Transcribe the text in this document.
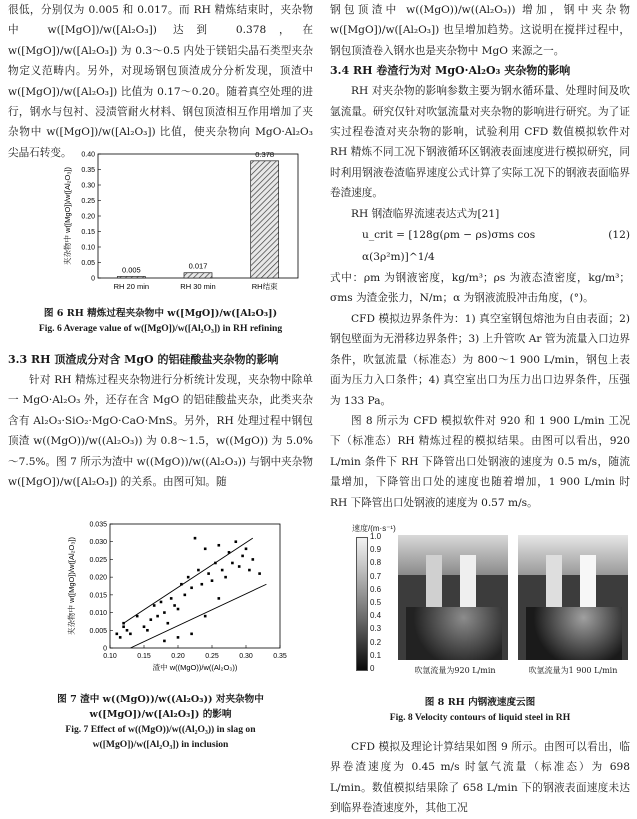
很低，分别仅为 0.005 和 0.017。而 RH 精炼结束时，夹杂物中 w([MgO])/w([Al₂O₃]) 达到 0.378，在 w([MgO])/w([Al₂O₃]) 为 0.3～0.5 内处于镁铝尖晶石类型夹杂物定义范畴内。另外，对现场钢包顶渣成分分析发现，顶渣中 w([MgO])/w([Al₂O₃]) 比值为 0.17～0.20。随着真空处理的进行，钢水与包衬、浸渍管耐火材料、钢包顶渣相互作用增加了夹杂物中 w([MgO])/w([Al₂O₃]) 比值，使夹杂物向 MgO·Al₂O₃ 尖晶石转变。

0
0.05
0.10
0.15
0.20
0.25
0.30
0.35
0.40
夹杂物中 w([MgO])/w([Al₂O₃])
0.005
RH 20 min
0.017
RH 30 min
0.378
RH结束

图 6 RH 精炼过程夹杂物中 w([MgO])/w([Al₂O₃])

Fig. 6 Average value of w([MgO])/w([Al₂O₃]) in RH refining

3.3 RH 顶渣成分对含 MgO 的铝硅酸盐夹杂物的影响

针对 RH 精炼过程夹杂物进行分析统计发现，夹杂物中除单一 MgO·Al₂O₃ 外，还存在含 MgO 的铝硅酸盐夹杂，此类夹杂含有 Al₂O₃·SiO₂·MgO·CaO·MnS。另外，RH 处理过程中钢包顶渣 w((MgO))/w((Al₂O₃)) 为 0.8～1.5，w((MgO)) 为 5.0%～7.5%。图 7 所示为渣中 w((MgO))/w((Al₂O₃)) 与钢中夹杂物 w([MgO])/w([Al₂O₃]) 的关系。由图可知。随

0
0.005
0.010
0.015
0.020
0.025
0.030
0.035
0.10	0.15	0.20	0.25	0.30	0.35
渣中 w((MgO))/w((Al₂O₃))
夹杂物中 w([MgO])/w([Al₂O₃])

图 7 渣中 w((MgO))/w((Al₂O₃)) 对夹杂物中

w([MgO])/w([Al₂O₃]) 的影响

Fig. 7 Effect of w((MgO))/w((Al₂O₃)) in slag on

w([MgO])/w([Al₂O₃]) in inclusion

钢包顶渣中 w((MgO))/w((Al₂O₃)) 增加，钢中夹杂物 w([MgO])/w([Al₂O₃]) 也呈增加趋势。这说明在搅拌过程中，钢包顶渣卷入钢水也是夹杂物中 MgO 来源之一。

3.4 RH 卷渣行为对 MgO·Al₂O₃ 夹杂物的影响

RH 对夹杂物的影响参数主要为钢水循环量、处理时间及吹氩流量。研究仅针对吹氩流量对夹杂物的影响进行研究。为了证实过程卷渣对夹杂物的影响，试验利用 CFD 数值模拟软件对 RH 精炼不同工况下钢液循环区钢液表面速度进行模拟研究，同时利用钢液卷渣临界速度公式计算了实际工况下的钢液表面临界卷渣速度。

RH 钢渣临界流速表达式为[21]

u_crit = [128g(ρm − ρs)σms cos α(3ρ²m)]^1/4
(12)

式中：ρm 为钢液密度，kg/m³；ρs 为液态渣密度，kg/m³；σms 为渣金张力，N/m；α 为钢液流股冲击角度，(°)。

CFD 模拟边界条件为：1) 真空室钢包熔池为自由表面；2) 钢包壁面为无滑移边界条件；3) 上升管吹 Ar 管为流量入口边界条件，吹氩流量（标准态）为 800～1 900 L/min，钢包上表面为压力入口条件；4) 真空室出口为压力出口边界条件，压强为 133 Pa。

图 8 所示为 CFD 模拟软件对 920 和 1 900 L/min 工况下（标准态）RH 精炼过程的模拟结果。由图可以看出，920 L/min 条件下 RH 下降管出口处钢液的速度为 0.5 m/s，随流量增加，下降管出口处的速度也随着增加，1 900 L/min 时 RH 下降管出口处钢液的速度为 0.57 m/s。

速度/(m·s⁻¹)
1.0
0.9
0.8
0.7
0.6
0.5
0.4
0.3
0.2
0.1
0	吹氩流量为920 L/min	吹氩流量为1 900 L/min

图 8 RH 内钢液速度云图

Fig. 8 Velocity contours of liquid steel in RH

CFD 模拟及理论计算结果如图 9 所示。由图可以看出，临界卷渣速度为 0.45 m/s 时氩气流量（标准态）为 698 L/min。数值模拟结果除了 658 L/min 下的钢液表面速度未达到临界卷渣速度外，其他工况
